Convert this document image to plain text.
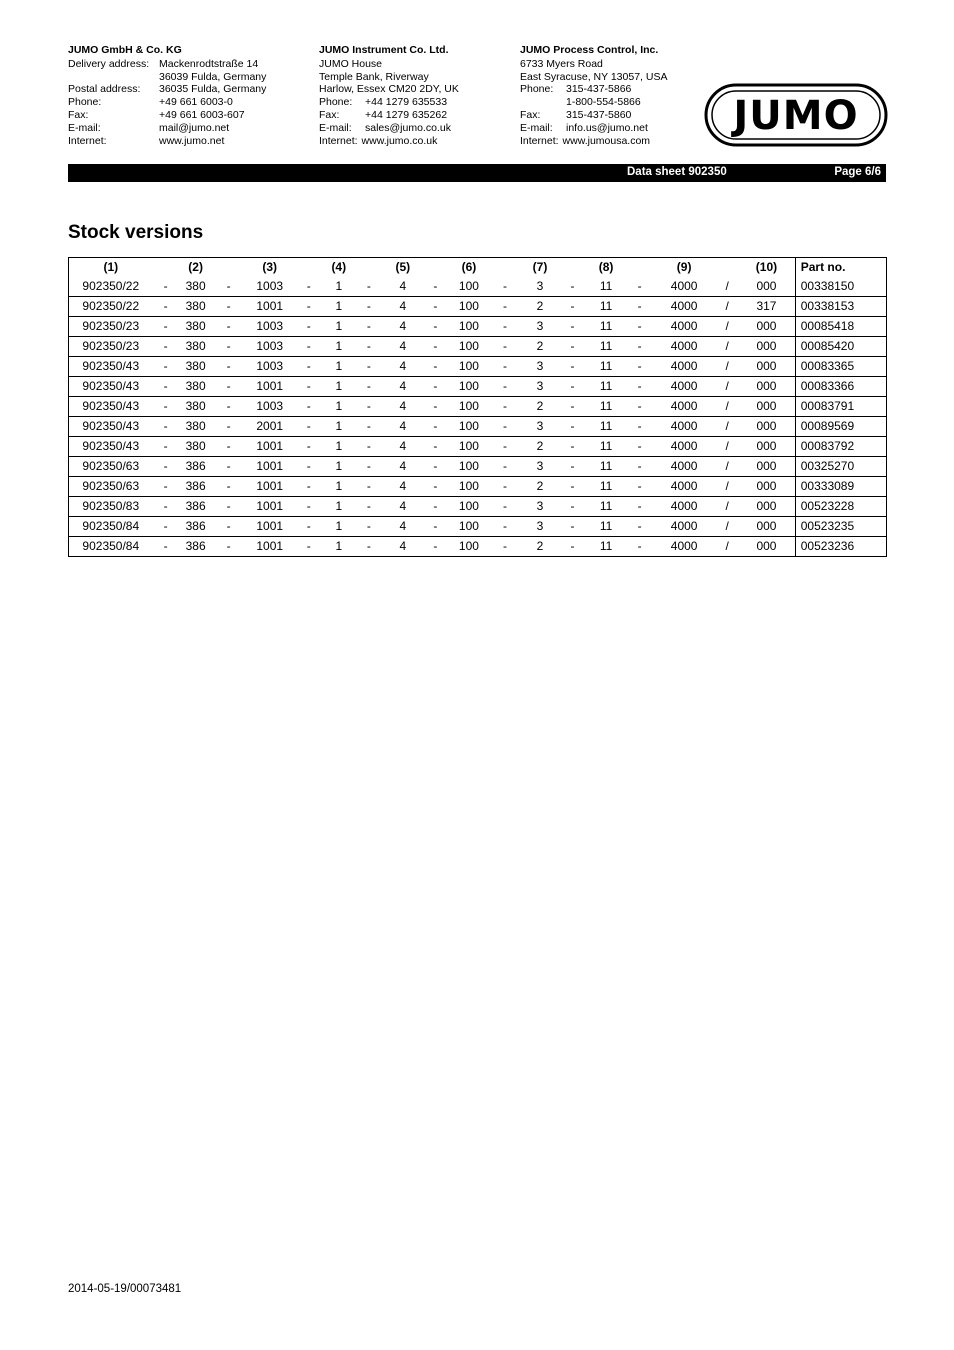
JUMO GmbH & Co. KG
Delivery address: Mackenrodtstraße 14
36039 Fulda, Germany
Postal address:	36035 Fulda, Germany
Phone:	+49 661 6003-0
Fax:	+49 661 6003-607
E-mail:	mail@jumo.net
Internet:	www.jumo.net
JUMO Instrument Co. Ltd.
JUMO House
Temple Bank, Riverway
Harlow, Essex CM20 2DY, UK
Phone:	+44 1279 635533
Fax:	+44 1279 635262
E-mail:	sales@jumo.co.uk
Internet: www.jumo.co.uk
JUMO Process Control, Inc.
6733 Myers Road
East Syracuse, NY 13057, USA
Phone:	315-437-5866
1-800-554-5866
Fax:	315-437-5860
E-mail:	info.us@jumo.net
Internet: www.jumousa.com
JUMO
Data sheet 902350	Page 6/6
Stock versions
(1)		(2)		(3)		(4)		(5)		(6)		(7)		(8)		(9)		(10)	Part no.
902350/22	-	380	-	1003	-	1	-	4	-	100	-	3	-	11	-	4000	/	000	00338150
902350/22	-	380	-	1001	-	1	-	4	-	100	-	2	-	11	-	4000	/	317	00338153
902350/23	-	380	-	1003	-	1	-	4	-	100	-	3	-	11	-	4000	/	000	00085418
902350/23	-	380	-	1003	-	1	-	4	-	100	-	2	-	11	-	4000	/	000	00085420
902350/43	-	380	-	1003	-	1	-	4	-	100	-	3	-	11	-	4000	/	000	00083365
902350/43	-	380	-	1001	-	1	-	4	-	100	-	3	-	11	-	4000	/	000	00083366
902350/43	-	380	-	1003	-	1	-	4	-	100	-	2	-	11	-	4000	/	000	00083791
902350/43	-	380	-	2001	-	1	-	4	-	100	-	3	-	11	-	4000	/	000	00089569
902350/43	-	380	-	1001	-	1	-	4	-	100	-	2	-	11	-	4000	/	000	00083792
902350/63	-	386	-	1001	-	1	-	4	-	100	-	3	-	11	-	4000	/	000	00325270
902350/63	-	386	-	1001	-	1	-	4	-	100	-	2	-	11	-	4000	/	000	00333089
902350/83	-	386	-	1001	-	1	-	4	-	100	-	3	-	11	-	4000	/	000	00523228
902350/84	-	386	-	1001	-	1	-	4	-	100	-	3	-	11	-	4000	/	000	00523235
902350/84	-	386	-	1001	-	1	-	4	-	100	-	2	-	11	-	4000	/	000	00523236
2014-05-19/00073481
